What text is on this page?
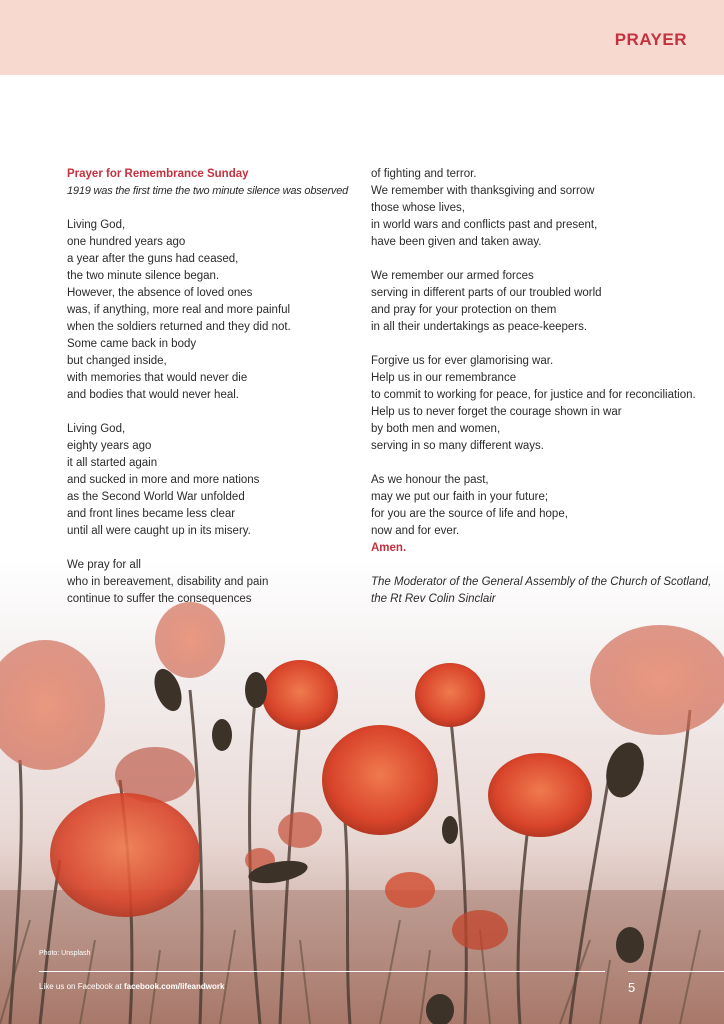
PRAYER
Prayer for Remembrance Sunday
1919 was the first time the two minute silence was observed
Living God,
one hundred years ago
a year after the guns had ceased,
the two minute silence began.
However, the absence of loved ones
was, if anything, more real and more painful
when the soldiers returned and they did not.
Some came back in body
but changed inside,
with memories that would never die
and bodies that would never heal.
Living God,
eighty years ago
it all started again
and sucked in more and more nations
as the Second World War unfolded
and front lines became less clear
until all were caught up in its misery.
We pray for all
who in bereavement, disability and pain
continue to suffer the consequences
of fighting and terror.
We remember with thanksgiving and sorrow
those whose lives,
in world wars and conflicts past and present,
have been given and taken away.
We remember our armed forces
serving in different parts of our troubled world
and pray for your protection on them
in all their undertakings as peace-keepers.
Forgive us for ever glamorising war.
Help us in our remembrance
to commit to working for peace, for justice and for reconciliation.
Help us to never forget the courage shown in war
by both men and women,
serving in so many different ways.
As we honour the past,
may we put our faith in your future;
for you are the source of life and hope,
now and for ever.
Amen.
The Moderator of the General Assembly of the Church of Scotland,
the Rt Rev Colin Sinclair
Photo: Unsplash
Like us on Facebook at facebook.com/lifeandwork	5
